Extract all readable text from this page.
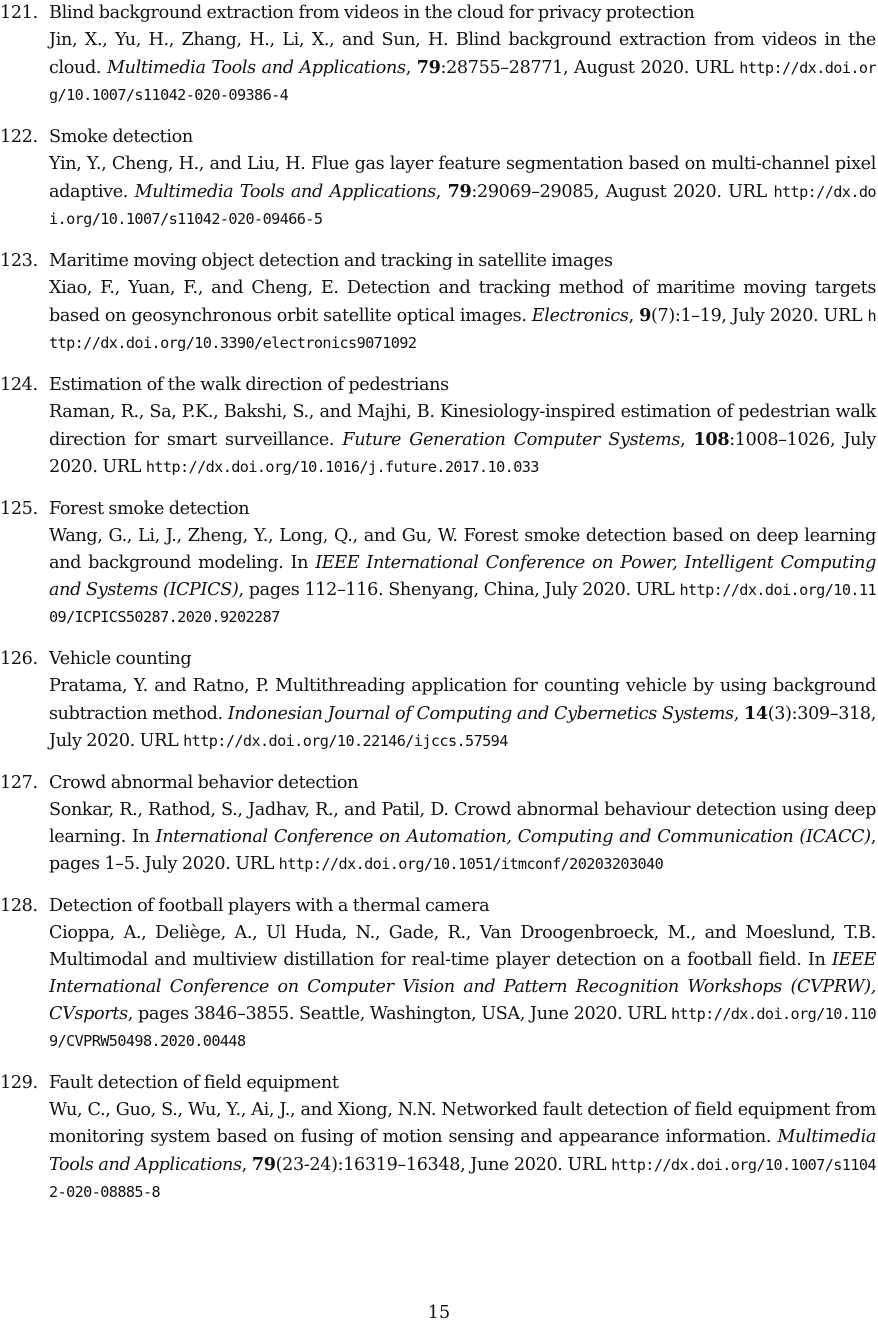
121. Blind background extraction from videos in the cloud for privacy protection
Jin, X., Yu, H., Zhang, H., Li, X., and Sun, H. Blind background extraction from videos in the cloud. Multimedia Tools and Applications, 79:28755–28771, August 2020. URL http://dx.doi.org/10.1007/s11042-020-09386-4
122. Smoke detection
Yin, Y., Cheng, H., and Liu, H. Flue gas layer feature segmentation based on multi-channel pixel adaptive. Multimedia Tools and Applications, 79:29069–29085, August 2020. URL http://dx.doi.org/10.1007/s11042-020-09466-5
123. Maritime moving object detection and tracking in satellite images
Xiao, F., Yuan, F., and Cheng, E. Detection and tracking method of maritime moving targets based on geosynchronous orbit satellite optical images. Electronics, 9(7):1–19, July 2020. URL http://dx.doi.org/10.3390/electronics9071092
124. Estimation of the walk direction of pedestrians
Raman, R., Sa, P.K., Bakshi, S., and Majhi, B. Kinesiology-inspired estimation of pedestrian walk direction for smart surveillance. Future Generation Computer Systems, 108:1008–1026, July 2020. URL http://dx.doi.org/10.1016/j.future.2017.10.033
125. Forest smoke detection
Wang, G., Li, J., Zheng, Y., Long, Q., and Gu, W. Forest smoke detection based on deep learning and background modeling. In IEEE International Conference on Power, Intelligent Computing and Systems (ICPICS), pages 112–116. Shenyang, China, July 2020. URL http://dx.doi.org/10.1109/ICPICS50287.2020.9202287
126. Vehicle counting
Pratama, Y. and Ratno, P. Multithreading application for counting vehicle by using background subtraction method. Indonesian Journal of Computing and Cybernetics Systems, 14(3):309–318, July 2020. URL http://dx.doi.org/10.22146/ijccs.57594
127. Crowd abnormal behavior detection
Sonkar, R., Rathod, S., Jadhav, R., and Patil, D. Crowd abnormal behaviour detection using deep learning. In International Conference on Automation, Computing and Communication (ICACC), pages 1–5. July 2020. URL http://dx.doi.org/10.1051/itmconf/20203203040
128. Detection of football players with a thermal camera
Cioppa, A., Deliège, A., Ul Huda, N., Gade, R., Van Droogenbroeck, M., and Moeslund, T.B. Multimodal and multiview distillation for real-time player detection on a football field. In IEEE International Conference on Computer Vision and Pattern Recognition Workshops (CVPRW), CVsports, pages 3846–3855. Seattle, Washington, USA, June 2020. URL http://dx.doi.org/10.1109/CVPRW50498.2020.00448
129. Fault detection of field equipment
Wu, C., Guo, S., Wu, Y., Ai, J., and Xiong, N.N. Networked fault detection of field equipment from monitoring system based on fusing of motion sensing and appearance information. Multimedia Tools and Applications, 79(23-24):16319–16348, June 2020. URL http://dx.doi.org/10.1007/s11042-020-08885-8
15
